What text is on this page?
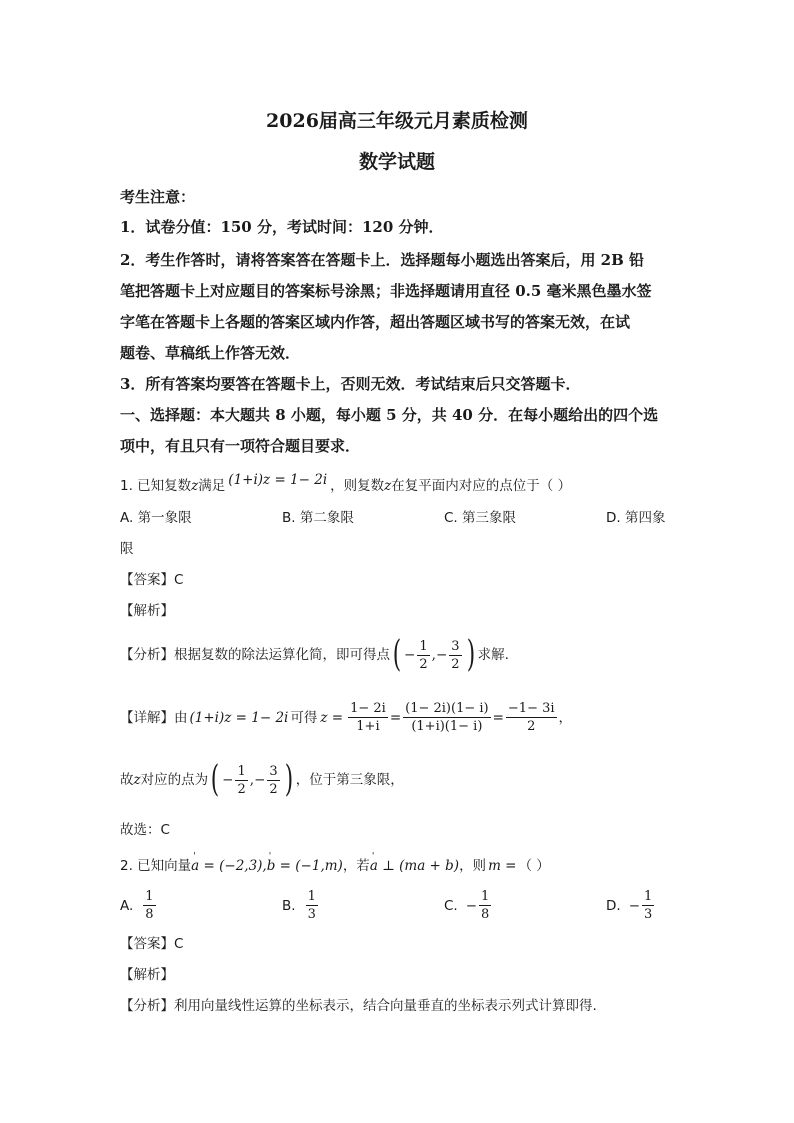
2026届高三年级元月素质检测
数学试题
考生注意：
1．试卷分值：150 分，考试时间：120 分钟．
2．考生作答时，请将答案答在答题卡上．选择题每小题选出答案后，用 2B 铅
笔把答题卡上对应题目的答案标号涂黑；非选择题请用直径 0.5 毫米黑色墨水签
字笔在答题卡上各题的答案区域内作答，超出答题区域书写的答案无效，在试
题卷、草稿纸上作答无效．
3．所有答案均要答在答题卡上，否则无效．考试结束后只交答题卡．
一、选择题：本大题共 8 小题，每小题 5 分，共 40 分．在每小题给出的四个选
项中，有且只有一项符合题目要求．
1. 已知复数 z 满足 (1+i)z = 1− 2i ，则复数 z 在复平面内对应的点位于（ ）
A. 第一象限	B. 第二象限	C. 第三象限	D. 第四象
限
【答案】C
【解析】
【分析】 根据复数的除法运算化简，即可得点 ( − $\frac{1}{2}$ , − $\frac{3}{2}$ ) 求解.
【详解】 由 (1+i)z = 1− 2i 可得 $z = \frac{1- 2i}{1+i} = \frac{(1- 2i)(1- i)}{(1+i)(1- i)} = \frac{-1- 3i}{2}$ ，
故 z 对应的点为 ( − $\frac{1}{2}$ , − $\frac{3}{2}$ ) ，位于第三象限，
故选：C
2. 已知向量 ' a = (−2,3), ' b = (−1,m) ，若 ' a ⊥ (ma + b) ，则 m = （ ）
A. $\frac{1}{8}$	B. $\frac{1}{3}$	C. − $\frac{1}{8}$	D. − $\frac{1}{3}$
【答案】C
【解析】
【分析】利用向量线性运算的坐标表示，结合向量垂直的坐标表示列式计算即得.
